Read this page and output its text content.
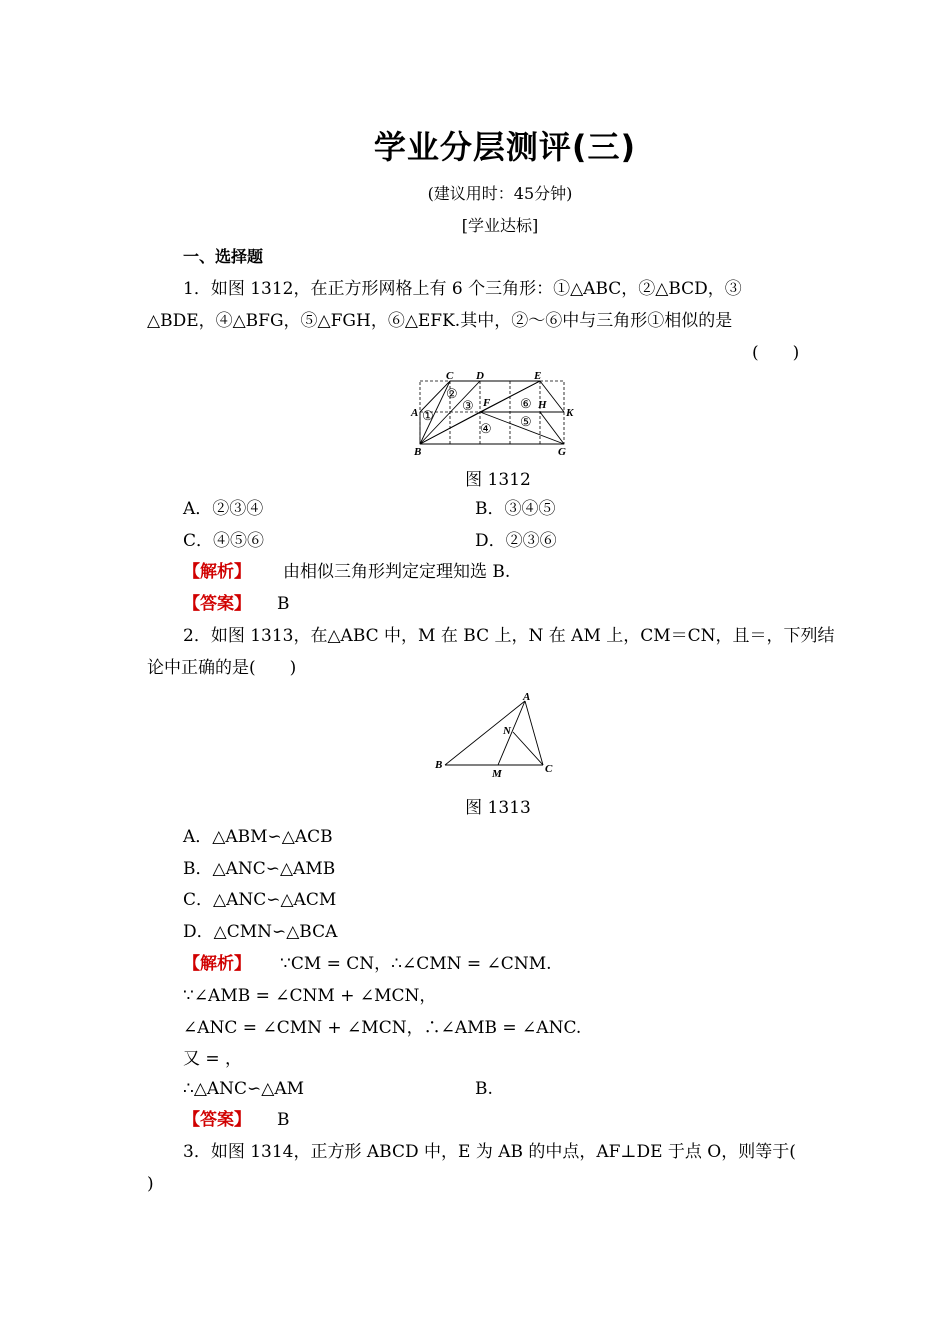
学业分层测评(三)
(建议用时：45分钟)
[学业达标]
一、选择题
1．如图 1312，在正方形网格上有 6 个三角形：①△ABC，②△BCD，③
△BDE，④△BFG，⑤△FGH，⑥△EFK.其中，②～⑥中与三角形①相似的是
(　　)
C D	E
A
F	H
K
B	G
①
②
③
④ ⑤
⑥
图 1312
A．②③④	B．③④⑤
C．④⑤⑥	D．②③⑥
【解析】 由相似三角形判定定理知选 B.
【答案】 B
2．如图 1313，在△ABC 中，M 在 BC 上，N 在 AM 上，CM＝CN，且＝，下列结
论中正确的是(　　)
A
N
B
M	C
图 1313
A．△ABM∽△ACB
B．△ANC∽△AMB
C．△ANC∽△ACM
D．△CMN∽△BCA
【解析】 ∵CM = CN，∴∠CMN = ∠CNM.
∵∠AMB = ∠CNM + ∠MCN，
∠ANC = ∠CMN + ∠MCN，∴∠AMB = ∠ANC.
又 = ，
∴△ANC∽△AM	B.
【答案】 B
3．如图 1314，正方形 ABCD 中，E 为 AB 的中点，AF⊥DE 于点 O，则等于(
)
